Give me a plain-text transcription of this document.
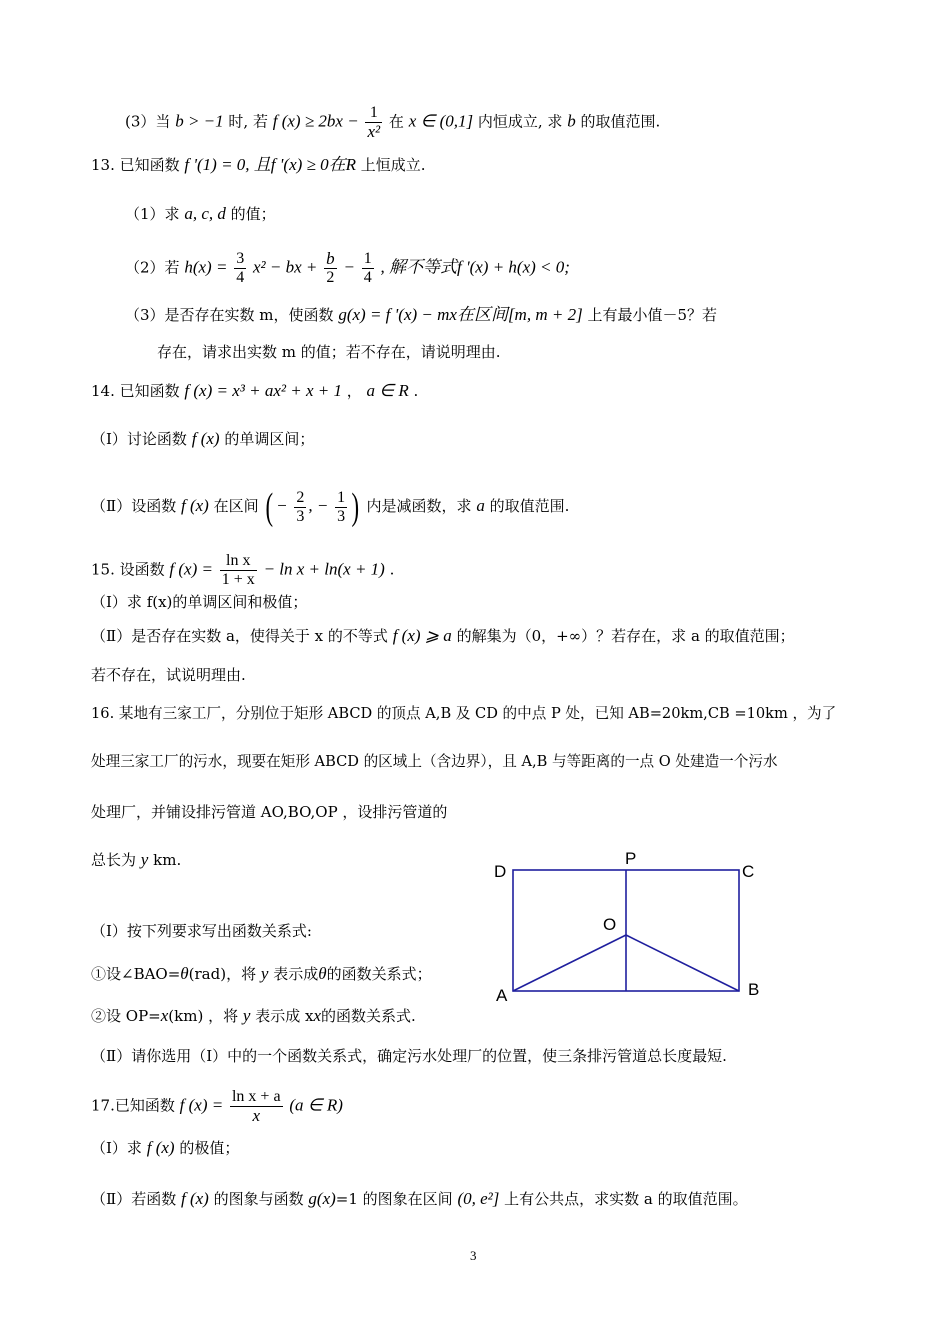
(3）当 b > −1 时, 若 f $(x) \ge 2bx - \frac{1}{\text{x²}}$ 在 x ∈ (0,1] 内恒成立, 求 b 的取值范围.
13. 已知函数 f '(1) = 0, 且f '(x) ≥ 0在R 上恒成立.
（1）求 a, c, d 的值；
（2）若 $h(x) = \frac{3}{4} x^2$ − bx + $\frac{b}{2} - \frac{1}{4}$ , 解不等式f '(x) + h(x) < 0;
（3）是否存在实数 m，使函数 g(x) = f '(x) − mx在区间[m, m + 2] 上有最小值－5？若
存在，请求出实数 m 的值；若不存在，请说明理由.
14. 已知函数 f (x) = x³ + ax² + x + 1 ， a ∈ R .
（Ⅰ）讨论函数 f (x) 的单调区间；
（Ⅱ）设函数 f (x) 在区间 ( − $\frac{2}{3}$ , − $\frac{1}{3}$ ) 内是减函数，求 a 的取值范围.
15. 设函数 f $(x) = \frac{\text{ln x}}{1 + x} - \ln x + \ln(x + 1)$ .
（Ⅰ）求 f(x)的单调区间和极值；
（Ⅱ）是否存在实数 a，使得关于 x 的不等式 f (x) ⩾ a 的解集为（0，+∞）？若存在，求 a 的取值范围；
若不存在，试说明理由.
16. 某地有三家工厂，分别位于矩形 ABCD 的顶点 A,B 及 CD 的中点 P 处，已知 AB=20km,CB =10km ，为了
处理三家工厂的污水，现要在矩形 ABCD 的区域上（含边界），且 A,B 与等距离的一点 O 处建造一个污水
处理厂，并铺设排污管道 AO,BO,OP ，设排污管道的
总长为 y km.
（Ⅰ）按下列要求写出函数关系式:
①设∠BAO=θ(rad)，将 y 表示成θ的函数关系式；
②设 OP=x(km) ，将 y 表示成 xx的函数关系式.
（Ⅱ）请你选用（Ⅰ）中的一个函数关系式，确定污水处理厂的位置，使三条排污管道总长度最短.
D
P
C
O
A	B
17.已知函数 f $(x) = \frac{\text{ln x + a}}{x} (a$ ∈ R)
（Ⅰ）求 f (x) 的极值；
（Ⅱ）若函数 f (x) 的图象与函数 g(x)=1 的图象在区间 (0, e²] 上有公共点，求实数 a 的取值范围。
3
